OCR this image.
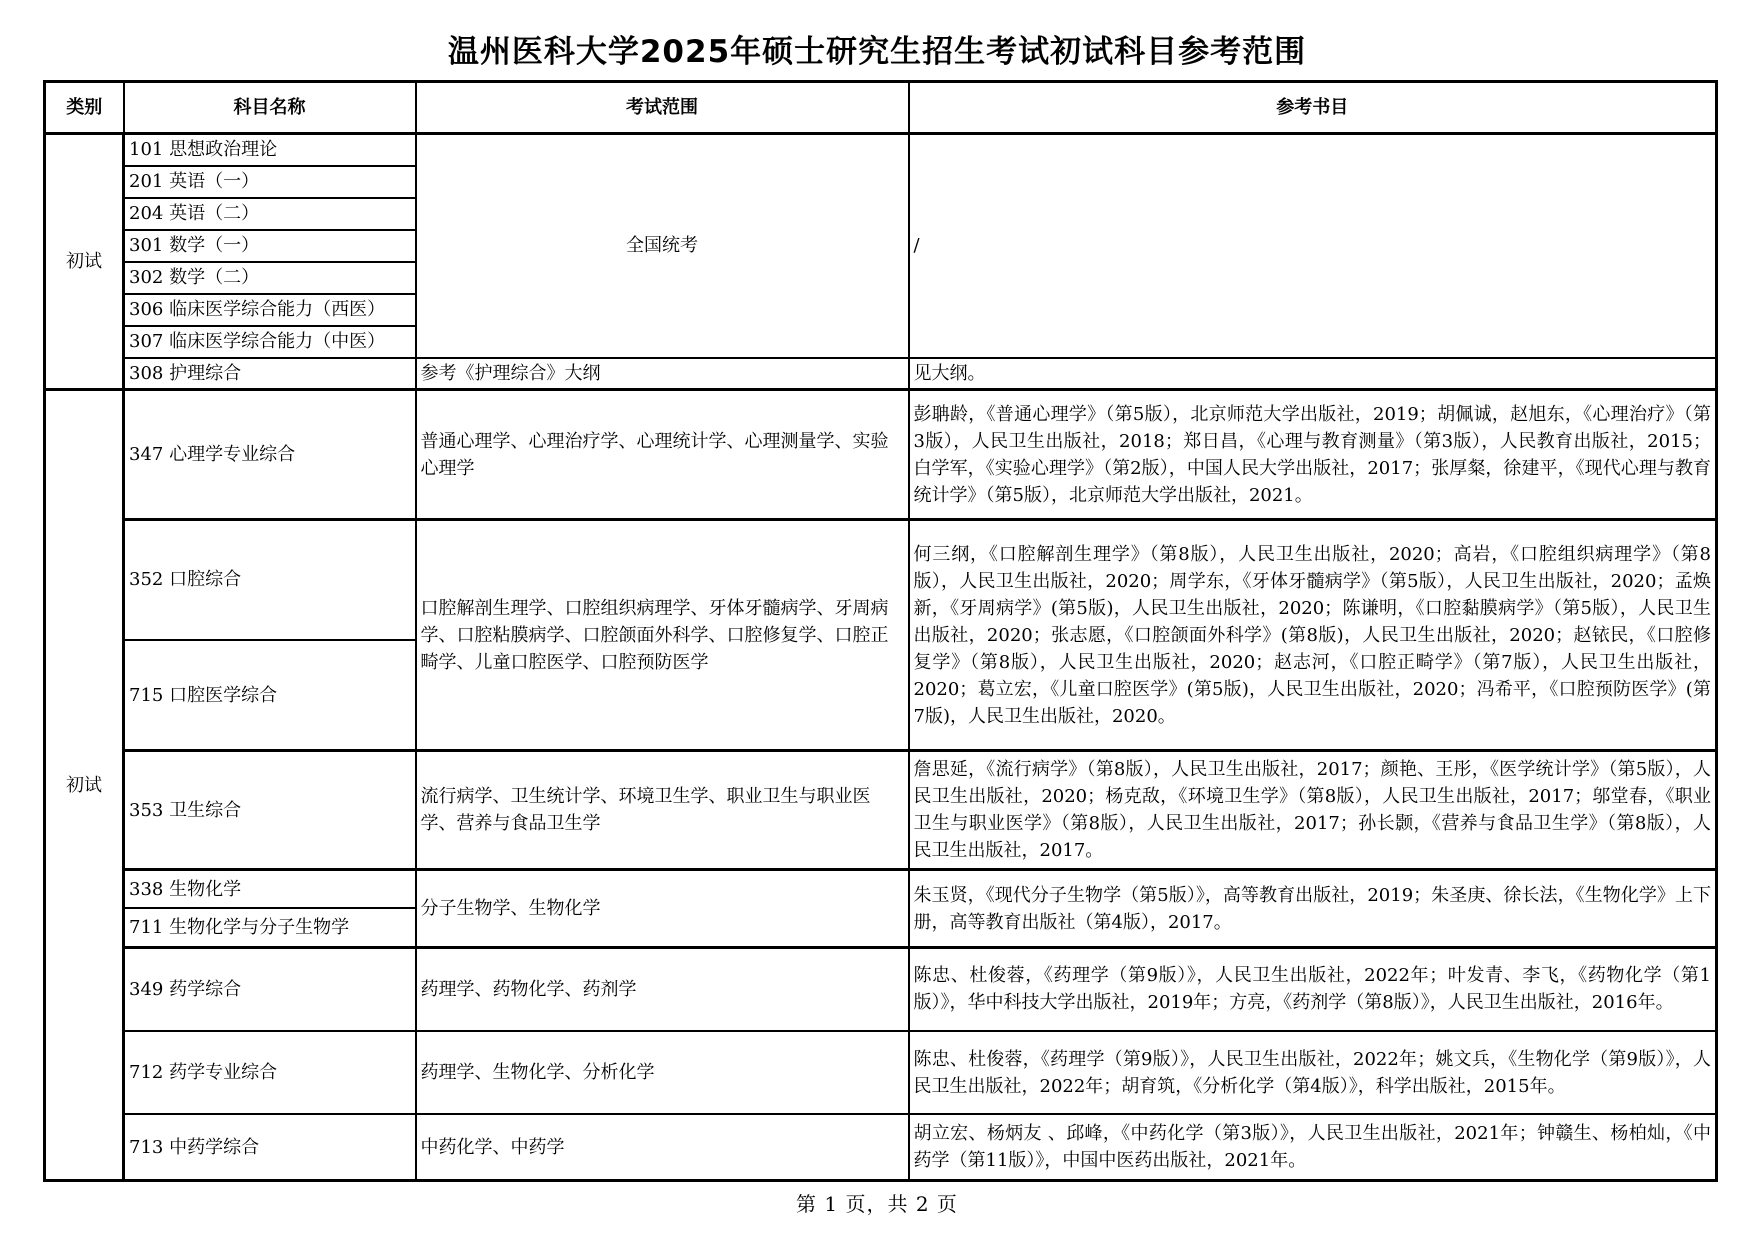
温州医科大学2025年硕士研究生招生考试初试科目参考范围
类别	科目名称	考试范围	参考书目
初试	101 思想政治理论	全国统考	/
	201 英语（一）		
	204 英语（二）		
	301 数学（一）		
	302 数学（二）		
	306 临床医学综合能力（西医）		
	307 临床医学综合能力（中医）		
	308 护理综合	参考《护理综合》大纲	见大纲。
初试	347 心理学专业综合	普通心理学、心理治疗学、心理统计学、心理测量学、实验心理学	彭聃龄，《普通心理学》（第5版），北京师范大学出版社，2019；胡佩诚，赵旭东，《心理治疗》（第3版），人民卫生出版社，2018；郑日昌，《心理与教育测量》（第3版），人民教育出版社，2015；白学军，《实验心理学》（第2版），中国人民大学出版社，2017；张厚粲，徐建平，《现代心理与教育统计学》（第5版），北京师范大学出版社，2021。
	352 口腔综合	口腔解剖生理学、口腔组织病理学、牙体牙髓病学、牙周病学、口腔粘膜病学、口腔颌面外科学、口腔修复学、口腔正畸学、儿童口腔医学、口腔预防医学	何三纲，《口腔解剖生理学》（第8版），人民卫生出版社，2020；高岩，《口腔组织病理学》（第8版），人民卫生出版社，2020；周学东，《牙体牙髓病学》（第5版），人民卫生出版社，2020；孟焕新，《牙周病学》(第5版)，人民卫生出版社，2020；陈谦明，《口腔黏膜病学》（第5版），人民卫生出版社，2020；张志愿，《口腔颌面外科学》(第8版)，人民卫生出版社，2020；赵铱民，《口腔修复学》（第8版），人民卫生出版社，2020；赵志河，《口腔正畸学》（第7版），人民卫生出版社，2020；葛立宏，《儿童口腔医学》(第5版)，人民卫生出版社，2020；冯希平，《口腔预防医学》(第7版)，人民卫生出版社，2020。
	715 口腔医学综合		
	353 卫生综合	流行病学、卫生统计学、环境卫生学、职业卫生与职业医学、营养与食品卫生学	詹思延，《流行病学》（第8版），人民卫生出版社，2017；颜艳、王彤，《医学统计学》（第5版），人民卫生出版社，2020；杨克敌，《环境卫生学》（第8版），人民卫生出版社，2017；邬堂春，《职业卫生与职业医学》（第8版），人民卫生出版社，2017；孙长颢，《营养与食品卫生学》（第8版），人民卫生出版社，2017。
	338 生物化学	分子生物学、生物化学	朱玉贤，《现代分子生物学（第5版）》，高等教育出版社，2019；朱圣庚、徐长法，《生物化学》上下册，高等教育出版社（第4版），2017。
	711 生物化学与分子生物学		
	349 药学综合	药理学、药物化学、药剂学	陈忠、杜俊蓉，《药理学（第9版）》，人民卫生出版社，2022年；叶发青、李飞，《药物化学（第1版）》，华中科技大学出版社，2019年；方亮，《药剂学（第8版）》，人民卫生出版社，2016年。
	712 药学专业综合	药理学、生物化学、分析化学	陈忠、杜俊蓉，《药理学（第9版）》，人民卫生出版社，2022年；姚文兵，《生物化学（第9版）》，人民卫生出版社，2022年；胡育筑，《分析化学（第4版）》，科学出版社，2015年。
	713 中药学综合	中药化学、中药学	胡立宏、杨炳友 、邱峰，《中药化学（第3版）》，人民卫生出版社，2021年；钟赣生、杨柏灿，《中药学（第11版）》，中国中医药出版社，2021年。
第 1 页，共 2 页
